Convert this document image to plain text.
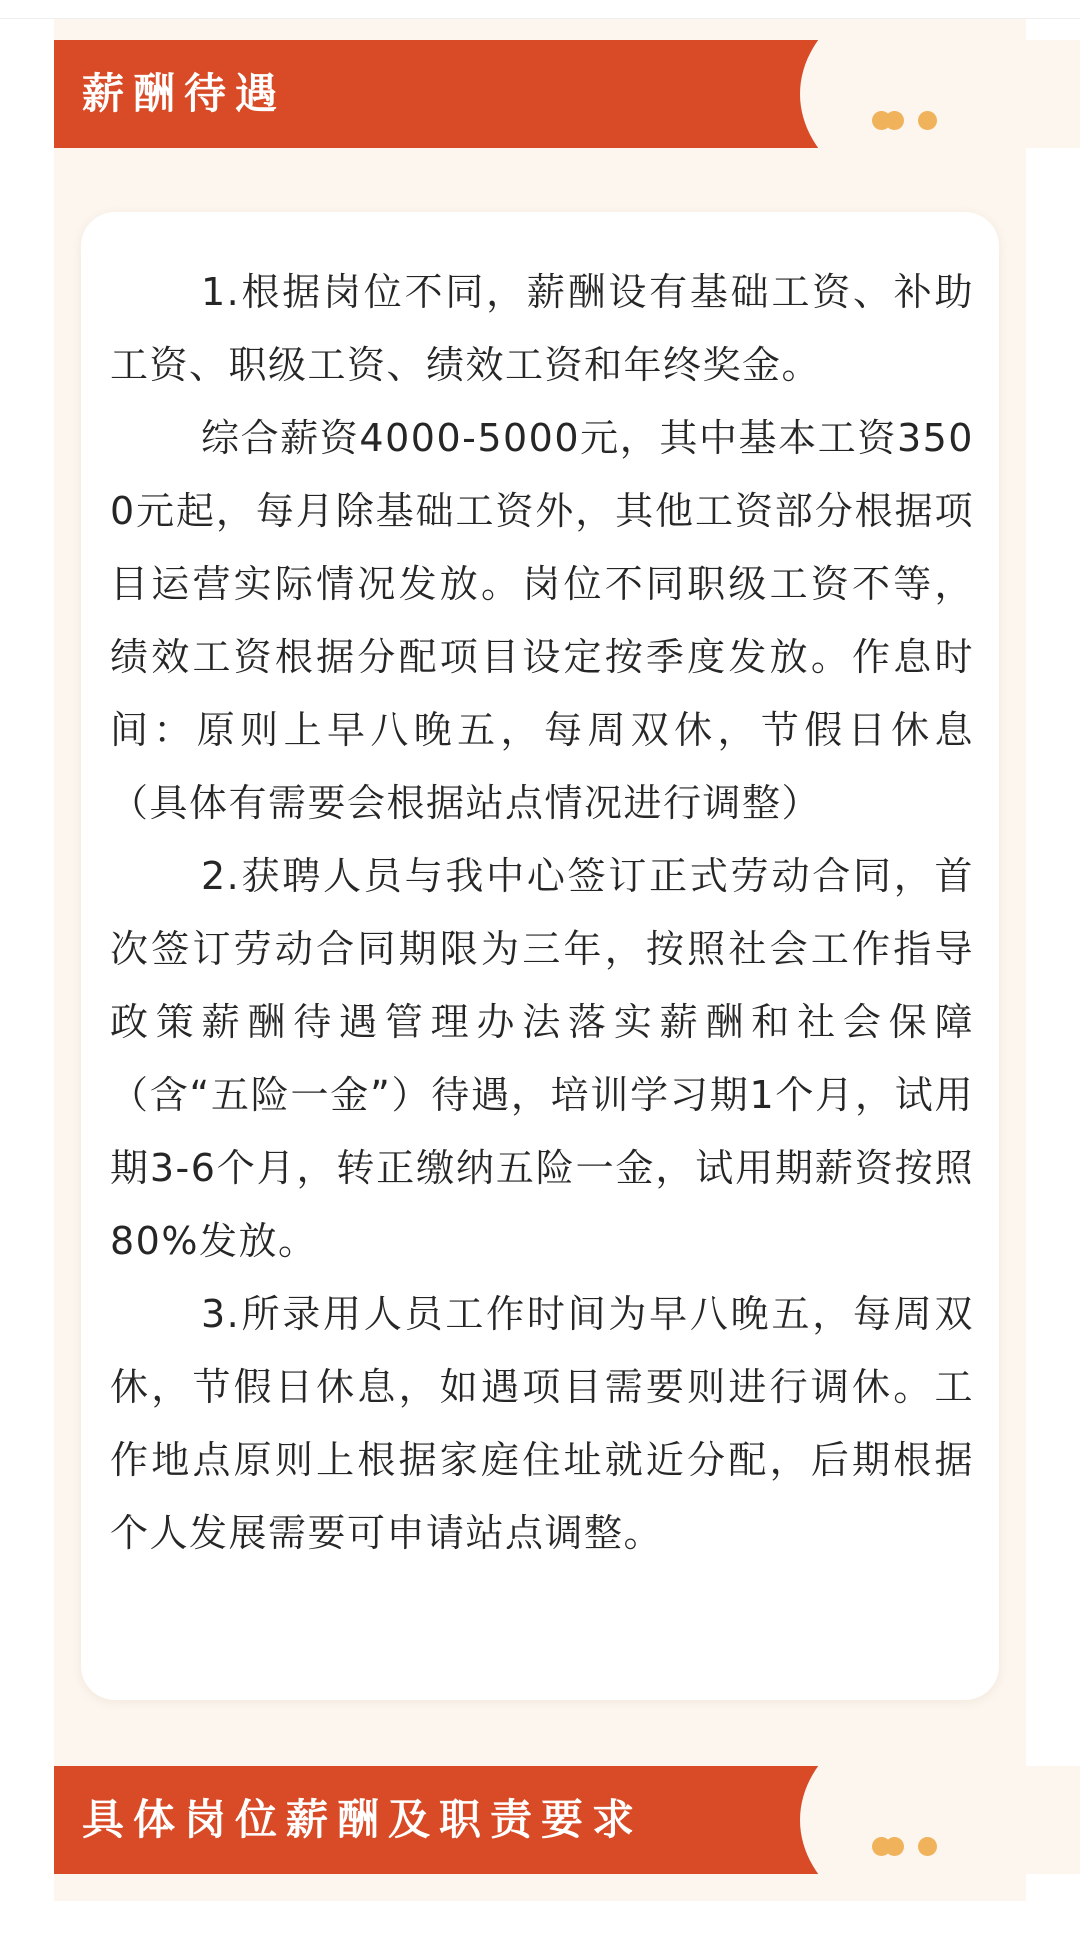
薪酬待遇

1.根据岗位不同，薪酬设有基础工资、补助工资、职级工资、绩效工资和年终奖金。

综合薪资4000-5000元，其中基本工资3500元起，每月除基础工资外，其他工资部分根据项目运营实际情况发放。岗位不同职级工资不等，绩效工资根据分配项目设定按季度发放。作息时间：原则上早八晚五，每周双休，节假日休息（具体有需要会根据站点情况进行调整）

2.获聘人员与我中心签订正式劳动合同，首次签订劳动合同期限为三年，按照社会工作指导政策薪酬待遇管理办法落实薪酬和社会保障（含“五险一金”）待遇，培训学习期1个月，试用期3-6个月，转正缴纳五险一金，试用期薪资按照80%发放。

3.所录用人员工作时间为早八晚五，每周双休，节假日休息，如遇项目需要则进行调休。工作地点原则上根据家庭住址就近分配，后期根据个人发展需要可申请站点调整。

具体岗位薪酬及职责要求
